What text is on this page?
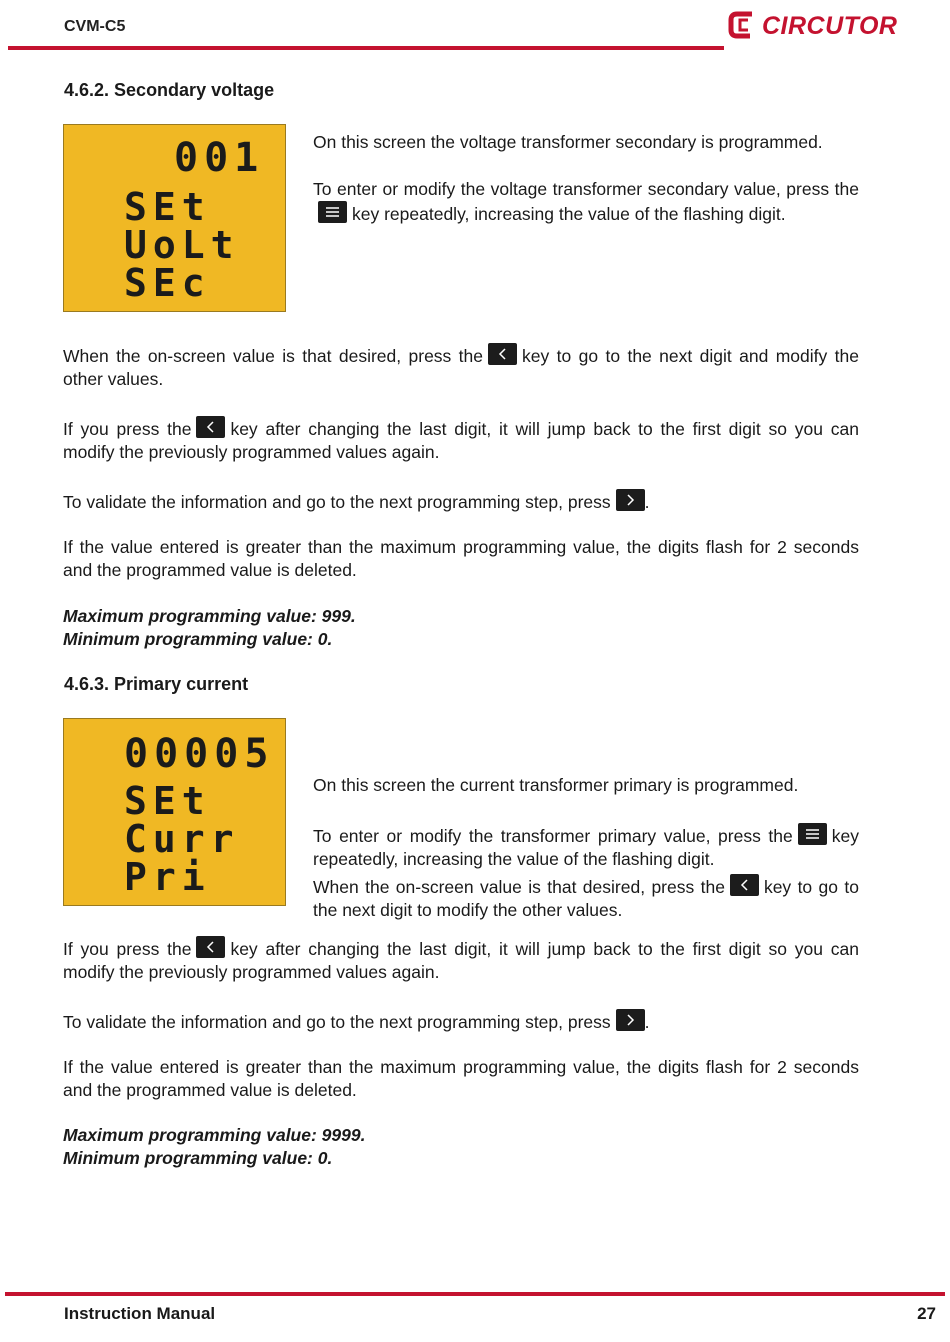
CVM-C5	CIRCUTOR
4.6.2. Secondary voltage
001
SEt
UoLt
SEc

On this screen the voltage transformer secondary is programmed.

To enter or modify the voltage transformer secondary value, press the
key repeatedly, increasing the value of the flashing digit.

When the on-screen value is that desired, press the key to go to the next digit and modify the other values.

If you press the key after changing the last digit, it will jump back to the first digit so you can modify the previously programmed values again.

To validate the information and go to the next programming step, press .

If the value entered is greater than the maximum programming value, the digits flash for 2 seconds and the programmed value is deleted.

Maximum programming value: 999.

Minimum programming value: 0.

4.6.3. Primary current
00005
SEt
Curr
Pri

On this screen the current transformer primary is programmed.

To enter or modify the transformer primary value, press the key repeatedly, increasing the value of the flashing digit.

When the on-screen value is that desired, press the key to go to the next digit to modify the other values.

If you press the key after changing the last digit, it will jump back to the first digit so you can modify the previously programmed values again.

To validate the information and go to the next programming step, press .

If the value entered is greater than the maximum programming value, the digits flash for 2 seconds and the programmed value is deleted.

Maximum programming value: 9999.

Minimum programming value: 0.

Instruction Manual	27
